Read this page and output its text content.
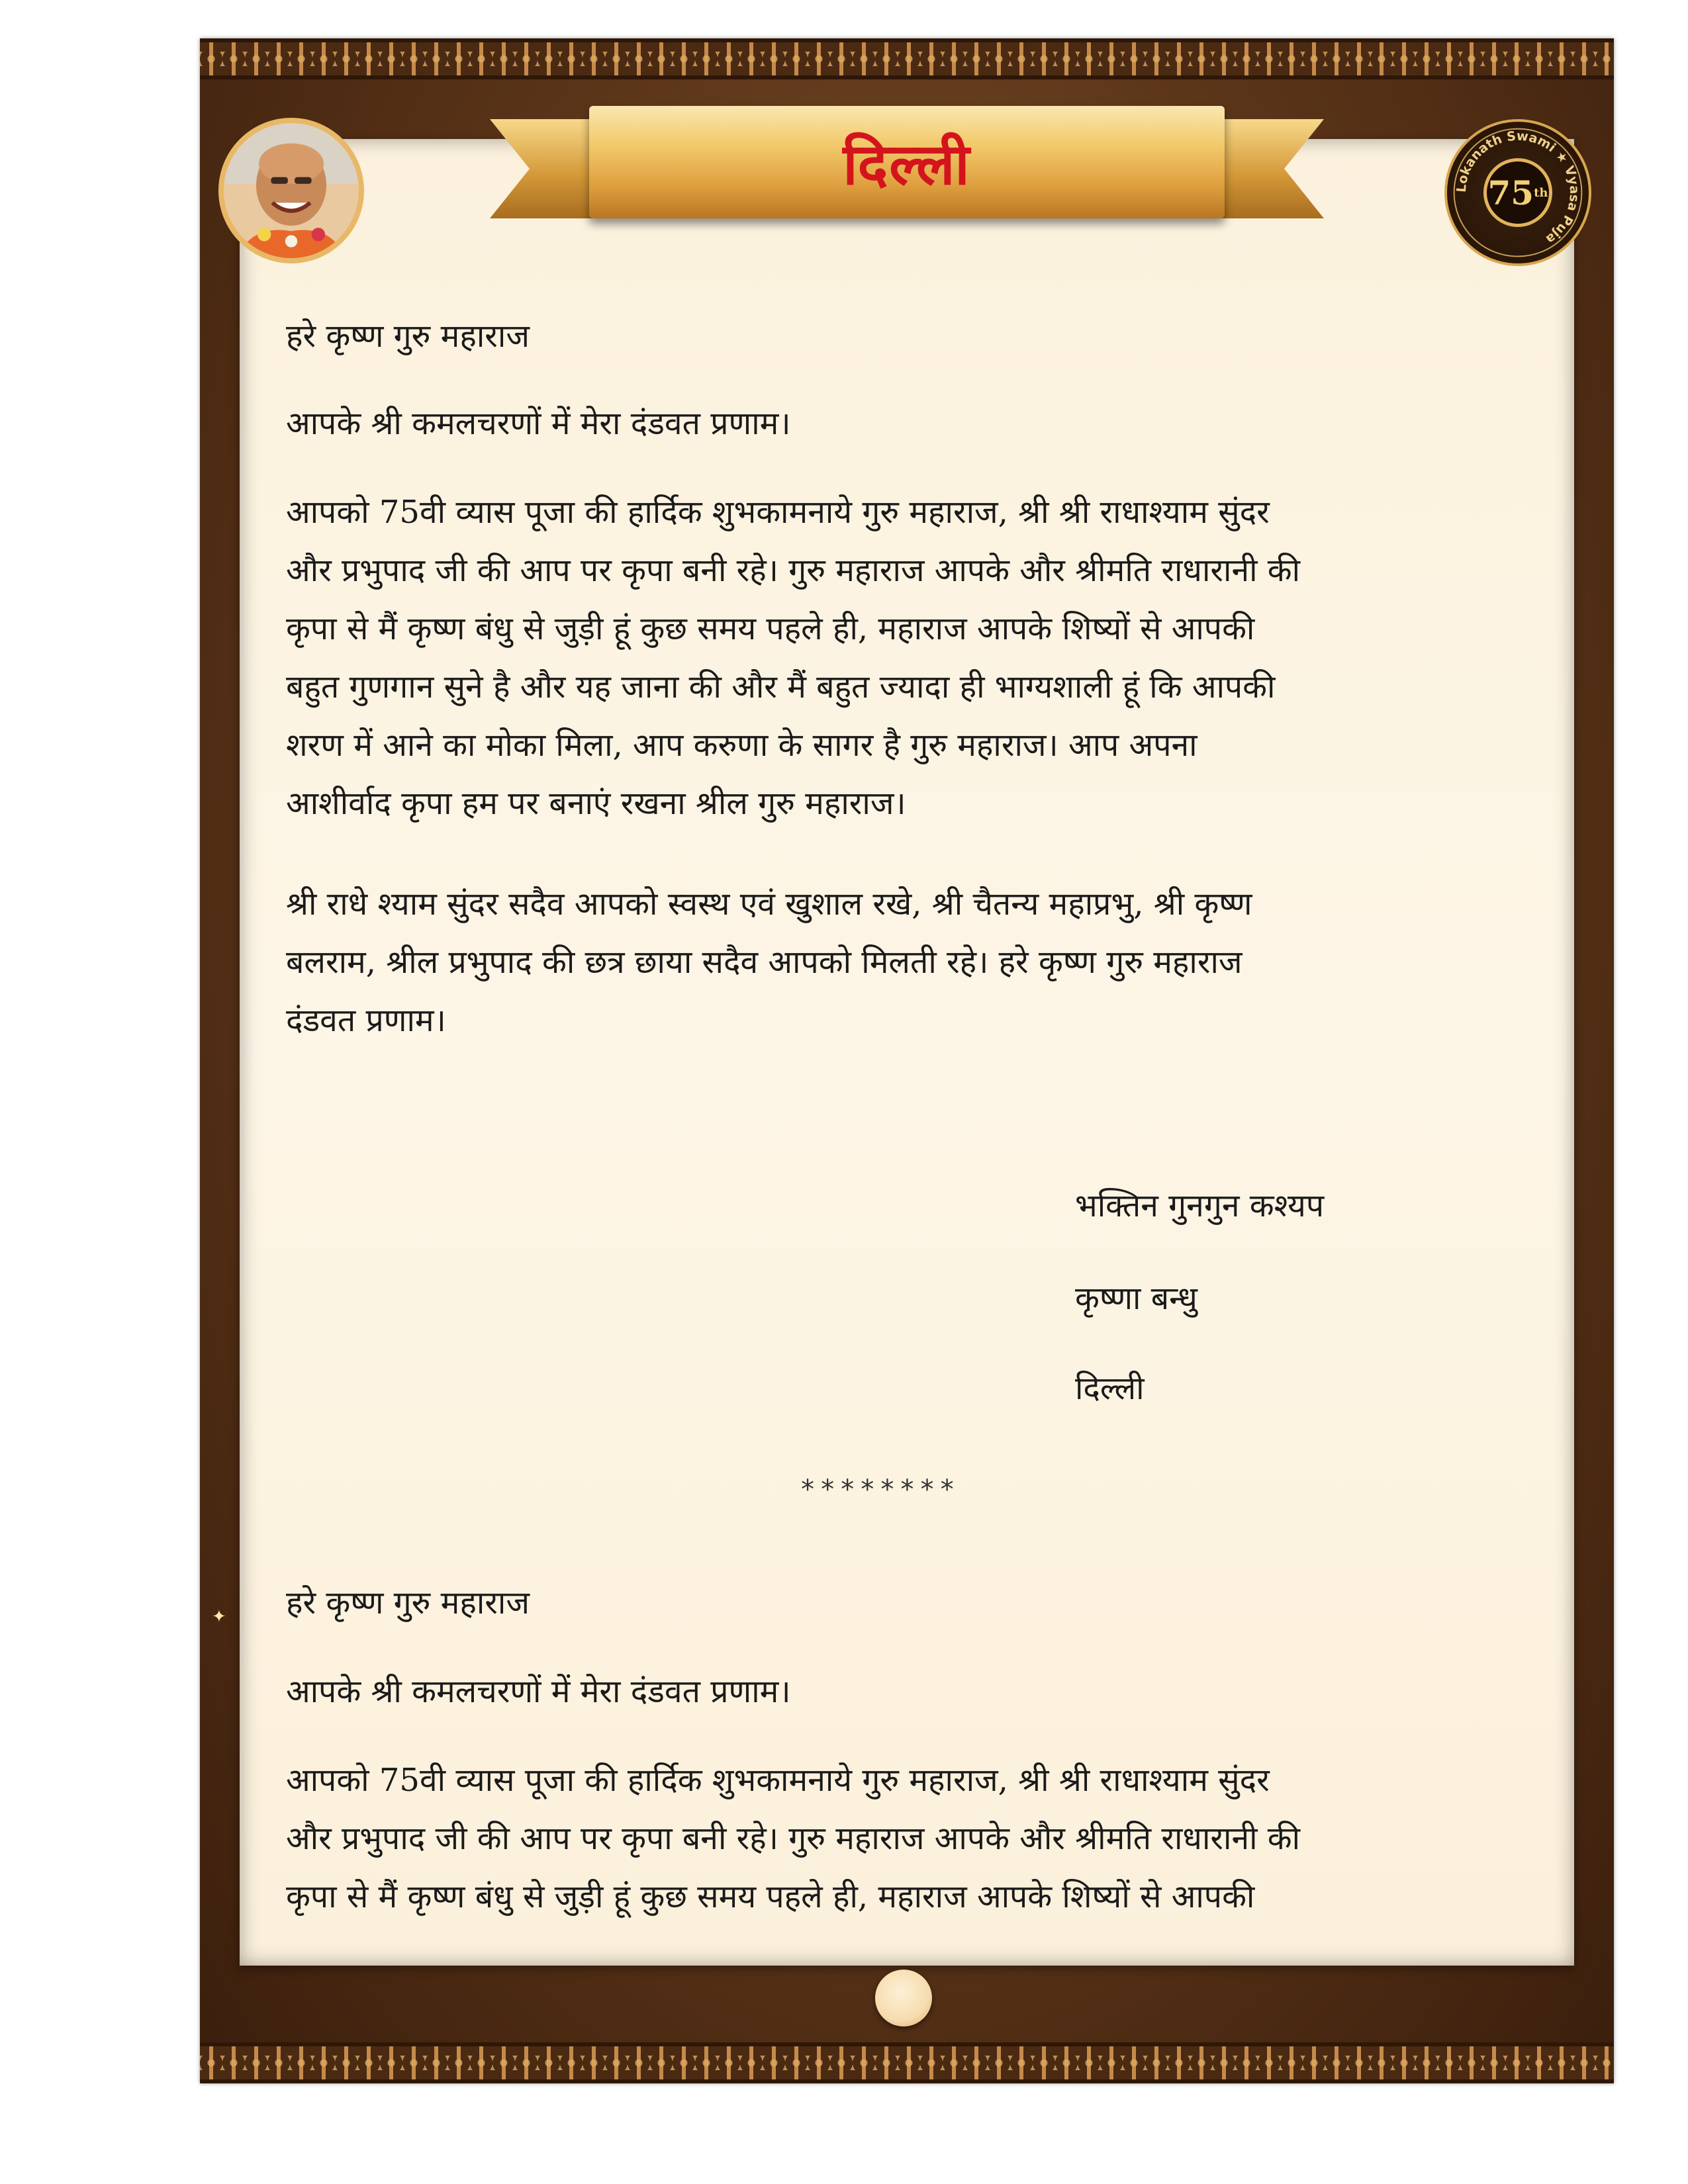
दिल्ली	Lokanath Swami ★ Vyasa Puja
75 th
हरे कृष्ण गुरु महाराज
आपके श्री कमलचरणों में मेरा दंडवत प्रणाम।
आपको 75वी व्यास पूजा की हार्दिक शुभकामनाये गुरु महाराज, श्री श्री राधाश्याम सुंदर
और प्रभुपाद जी की आप पर कृपा बनी रहे। गुरु महाराज आपके और श्रीमति राधारानी की
कृपा से मैं कृष्ण बंधु से जुड़ी हूं कुछ समय पहले ही, महाराज आपके शिष्यों से आपकी
बहुत गुणगान सुने है और यह जाना की और मैं बहुत ज्यादा ही भाग्यशाली हूं कि आपकी
शरण में आने का मोका मिला, आप करुणा के सागर है गुरु महाराज। आप अपना
आशीर्वाद कृपा हम पर बनाएं रखना श्रील गुरु महाराज।
श्री राधे श्याम सुंदर सदैव आपको स्वस्थ एवं खुशाल रखे, श्री चैतन्य महाप्रभु, श्री कृष्ण
बलराम, श्रील प्रभुपाद की छत्र छाया सदैव आपको मिलती रहे। हरे कृष्ण गुरु महाराज
दंडवत प्रणाम।
भक्तिन गुनगुन कश्यप
कृष्णा बन्धु
दिल्ली
********
✦ हरे कृष्ण गुरु महाराज
आपके श्री कमलचरणों में मेरा दंडवत प्रणाम।
आपको 75वी व्यास पूजा की हार्दिक शुभकामनाये गुरु महाराज, श्री श्री राधाश्याम सुंदर
और प्रभुपाद जी की आप पर कृपा बनी रहे। गुरु महाराज आपके और श्रीमति राधारानी की
कृपा से मैं कृष्ण बंधु से जुड़ी हूं कुछ समय पहले ही, महाराज आपके शिष्यों से आपकी
